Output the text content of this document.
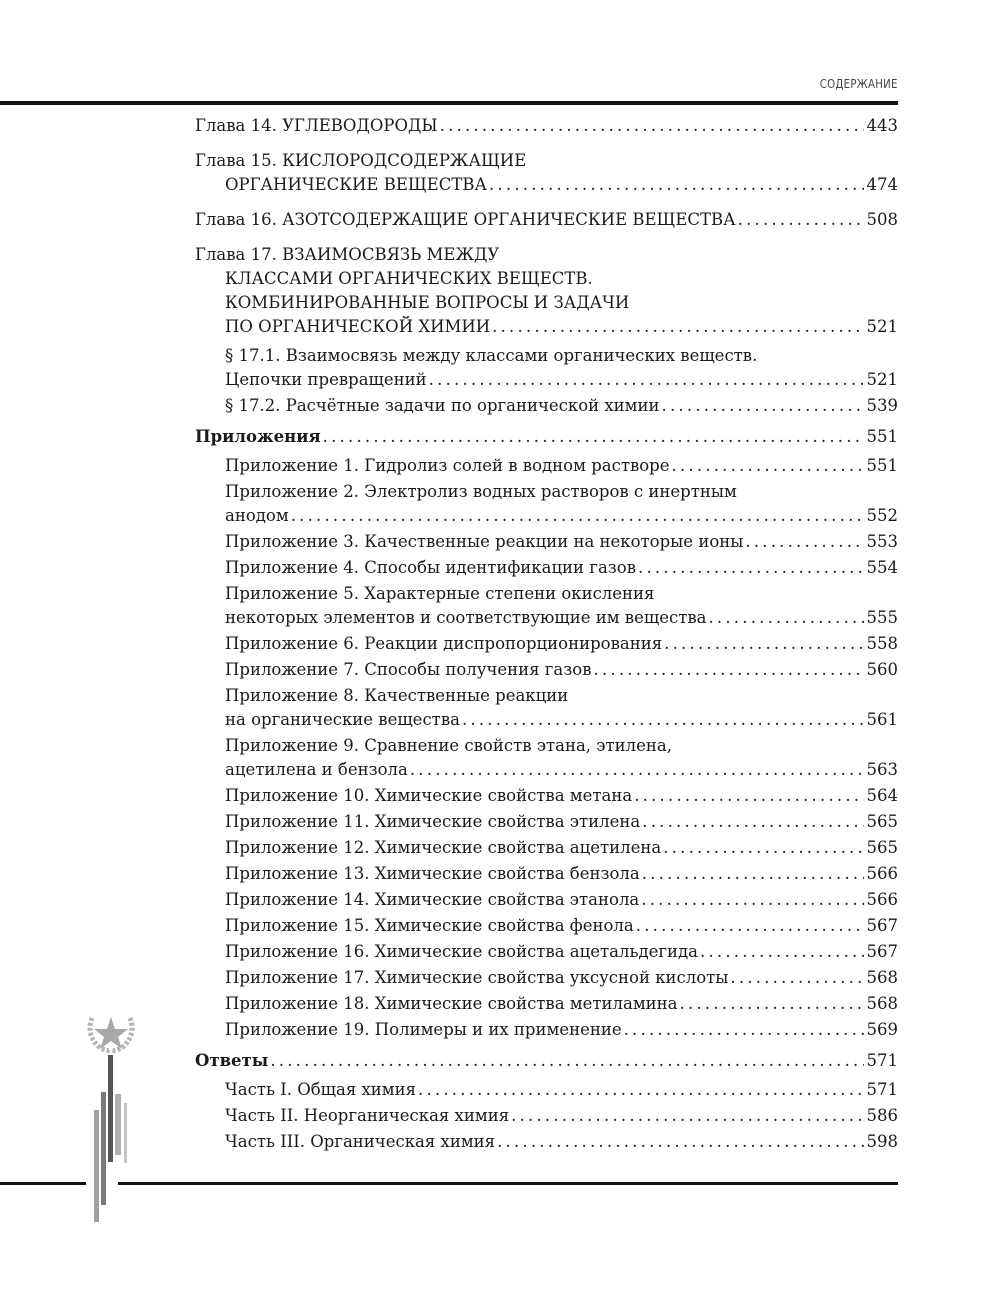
СОДЕРЖАНИЕ
Глава 14. УГЛЕВОДОРОДЫ .....	443
Глава 15. КИСЛОРОДСОДЕРЖАЩИЕ
ОРГАНИЧЕСКИЕ ВЕЩЕСТВА .....	474
Глава 16. АЗОТСОДЕРЖАЩИЕ ОРГАНИЧЕСКИЕ ВЕЩЕСТВА .....	508
Глава 17. ВЗАИМОСВЯЗЬ МЕЖДУ
КЛАССАМИ ОРГАНИЧЕСКИХ ВЕЩЕСТВ.
КОМБИНИРОВАННЫЕ ВОПРОСЫ И ЗАДАЧИ
ПО ОРГАНИЧЕСКОЙ ХИМИИ .....	521
§ 17.1. Взаимосвязь между классами органических веществ.
Цепочки превращений .....	521
§ 17.2. Расчётные задачи по органической химии .....	539
Приложения .....	551
Приложение 1. Гидролиз солей в водном растворе .....	551
Приложение 2. Электролиз водных растворов с инертным
анодом .....	552
Приложение 3. Качественные реакции на некоторые ионы .....	553
Приложение 4. Способы идентификации газов .....	554
Приложение 5. Характерные степени окисления
некоторых элементов и соответствующие им вещества .....	555
Приложение 6. Реакции диспропорционирования .....	558
Приложение 7. Способы получения газов .....	560
Приложение 8. Качественные реакции
на органические вещества .....	561
Приложение 9. Сравнение свойств этана, этилена,
ацетилена и бензола .....	563
Приложение 10. Химические свойства метана .....	564
Приложение 11. Химические свойства этилена .....	565
Приложение 12. Химические свойства ацетилена .....	565
Приложение 13. Химические свойства бензола .....	566
Приложение 14. Химические свойства этанола .....	566
Приложение 15. Химические свойства фенола .....	567
Приложение 16. Химические свойства ацетальдегида .....	567
Приложение 17. Химические свойства уксусной кислоты .....	568
Приложение 18. Химические свойства метиламина .....	568
Приложение 19. Полимеры и их применение .....	569
Ответы .....	571
Часть I. Общая химия .....	571
Часть II. Неорганическая химия .....	586
Часть III. Органическая химия .....	598
